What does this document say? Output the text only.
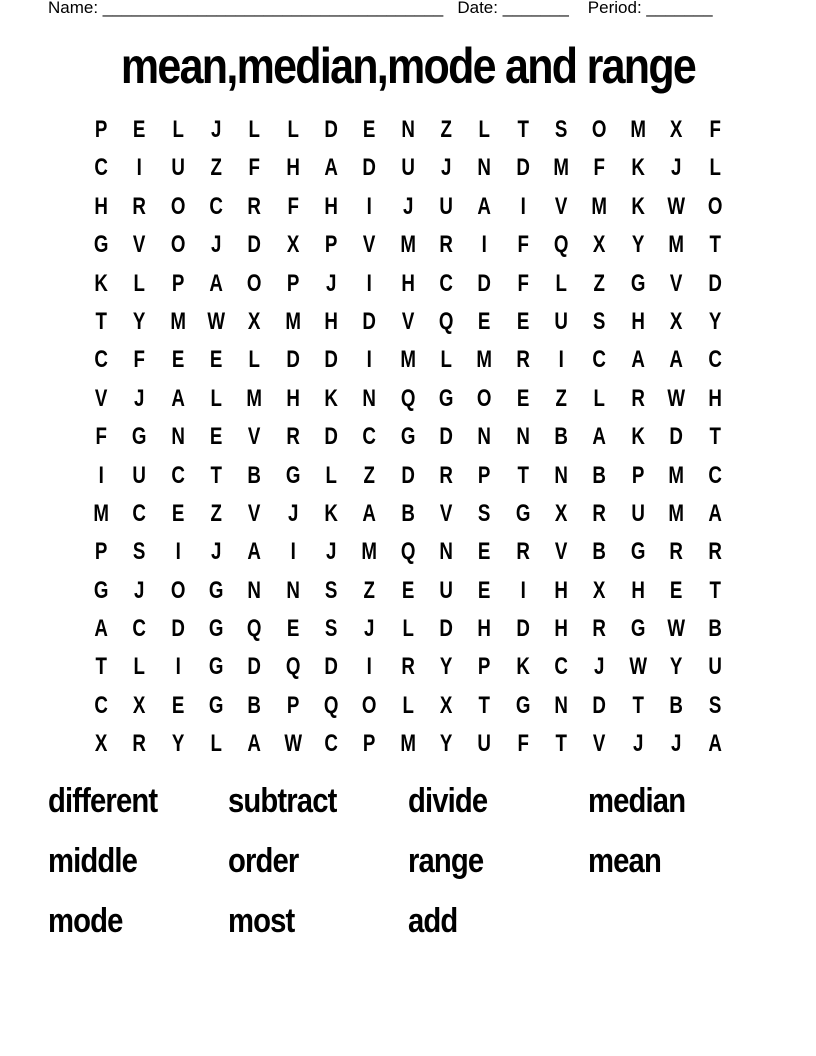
Name: ____________________________________ Date: _______ Period: _______
mean,median,mode and range
P	E	L	J	L	L	D	E	N	Z	L	T	S	O M	X	F
C	I	U	Z	F	H	A	D	U	J	N	D M	F	K	J	L
H	R	O	C	R	F	H	I	J	U	A	I	V	M K W O
G	V	O	J	D	X	P	V	M R	I	F	Q	X	Y	M	T
K	L	P	A	O	P	J	I	H	C	D	F	L	Z	G	V	D
T	Y	M W X	M H	D	V	Q	E	E	U	S	H	X	Y
C	F	E	E	L	D	D	I	M	L	M R	I	C	A	A	C
V	J	A	L	M H	K	N	Q G O	E	Z	L	R W H
F	G	N	E	V	R	D	C	G	D	N	N	B	A	K	D	T
I	U	C	T	B	G	L	Z	D	R	P	T	N	B	P	M C
M C	E	Z	V	J	K	A	B	V	S	G	X	R	U M A
P	S	I	J	A	I	J	M Q	N	E	R	V	B	G	R	R
G	J	O G	N	N	S	Z	E	U	E	I	H	X	H	E	T
A	C	D	G Q	E	S	J	L	D	H	D	H	R	G W B
T	L	I	G	D	Q	D	I	R	Y	P	K	C	J	W Y	U
C	X	E	G	B	P	Q O	L	X	T	G	N	D	T	B	S
X	R	Y	L	A W C	P	M	Y	U	F	T	V	J	J	A
different	subtract	divide	median
middle	order	range	mean
mode	most	add
